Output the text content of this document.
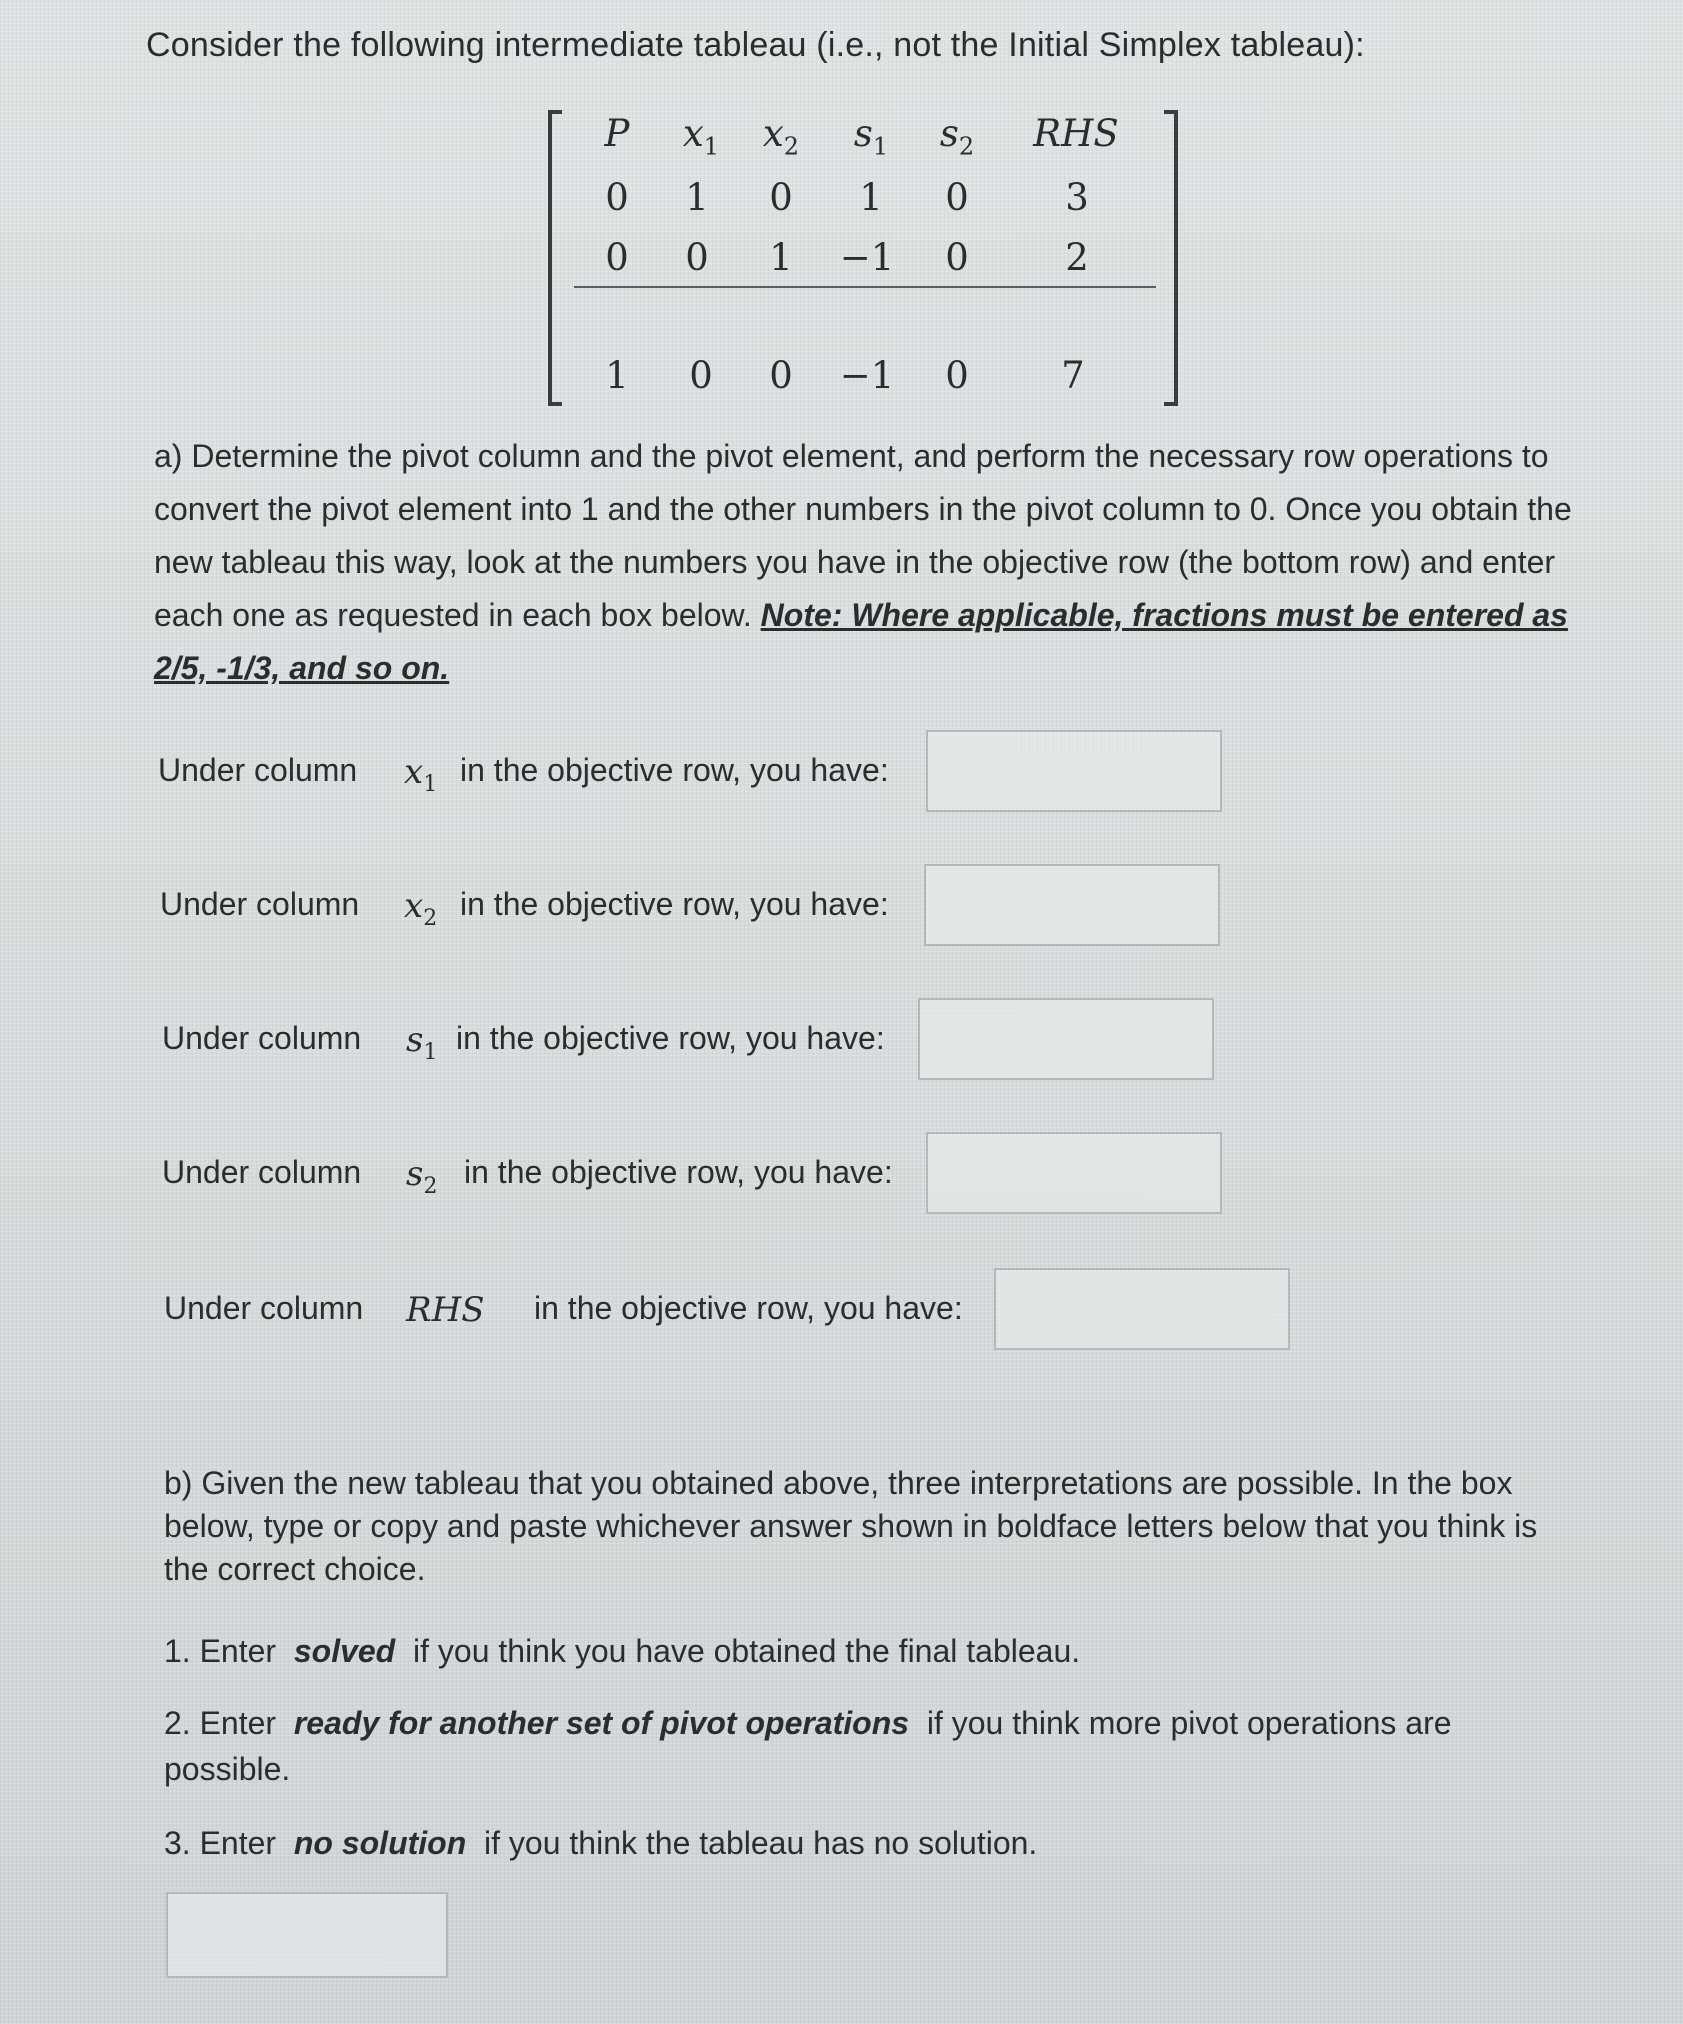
Consider the following intermediate tableau (i.e., not the Initial Simplex tableau):
P	$x_1$	$x_2$	$s_1$	$s_2$	RHS
0	1	0	1	0	3
0	0	1	−1	0	2
1	0	0	−1	0	7
a) Determine the pivot column and the pivot element, and perform the necessary row operations to convert the pivot element into 1 and the other numbers in the pivot column to 0. Once you obtain the new tableau this way, look at the numbers you have in the objective row (the bottom row) and enter each one as requested in each box below. Note: Where applicable, fractions must be entered as 2/5, -1/3, and so on.
Under column $x_1$ in the objective row, you have:
Under column $x_2$ in the objective row, you have:
Under column $s_1$ in the objective row, you have:
Under column $s_2$ in the objective row, you have:
Under column RHS in the objective row, you have:
b) Given the new tableau that you obtained above, three interpretations are possible. In the box below, type or copy and paste whichever answer shown in boldface letters below that you think is the correct choice.
1. Enter solved if you think you have obtained the final tableau.
2. Enter ready for another set of pivot operations if you think more pivot operations are possible.
3. Enter no solution if you think the tableau has no solution.
